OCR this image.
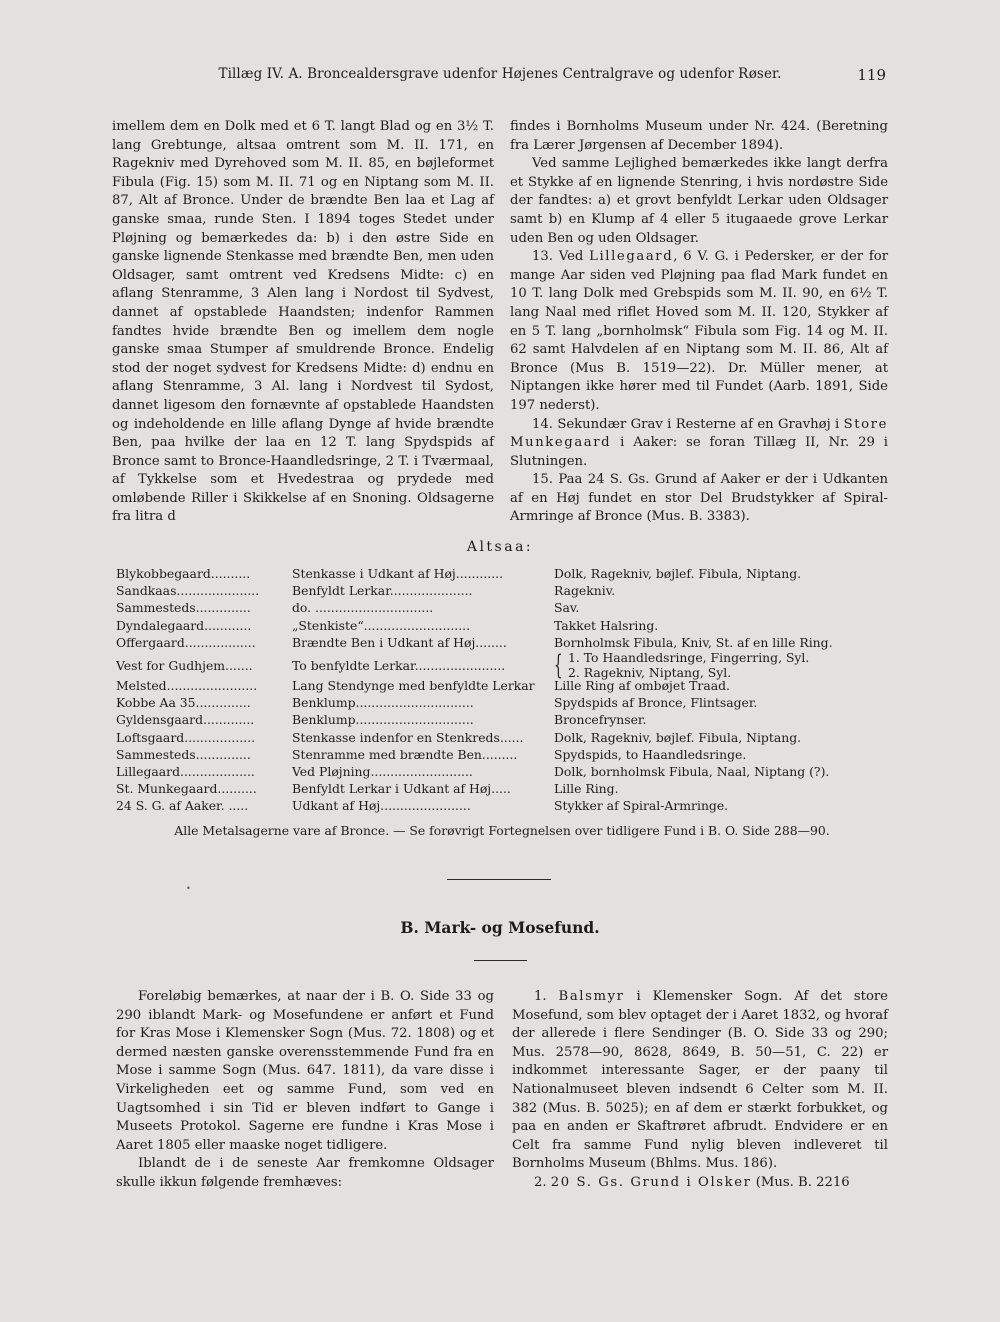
Tillæg IV. A. Broncealdersgrave udenfor Højenes Centralgrave og udenfor Røser.	119

imellem dem en Dolk med et 6 T. langt Blad og en 3½ T. lang Grebtunge, altsaa omtrent som M. II. 171, en Ragekniv med Dyrehoved som M. II. 85, en bøjleformet Fibula (Fig. 15) som M. II. 71 og en Niptang som M. II. 87, Alt af Bronce. Under de brændte Ben laa et Lag af ganske smaa, runde Sten. I 1894 toges Stedet under Pløjning og bemærkedes da: b) i den østre Side en ganske lignende Stenkasse med brændte Ben, men uden Oldsager, samt omtrent ved Kredsens Midte: c) en aflang Stenramme, 3 Alen lang i Nordost til Sydvest, dannet af opstablede Haandsten; indenfor Rammen fandtes hvide brændte Ben og imellem dem nogle ganske smaa Stumper af smuldrende Bronce. Endelig stod der noget sydvest for Kredsens Midte: d) endnu en aflang Stenramme, 3 Al. lang i Nordvest til Sydost, dannet ligesom den fornævnte af opstablede Haandsten og indeholdende en lille aflang Dynge af hvide brændte Ben, paa hvilke der laa en 12 T. lang Spydspids af Bronce samt to Bronce-Haandledsringe, 2 T. i Tværmaal, af Tykkelse som et Hvedestraa og prydede med omløbende Riller i Skikkelse af en Snoning. Oldsagerne fra litra d

findes i Bornholms Museum under Nr. 424. (Beretning fra Lærer Jørgensen af December 1894).

Ved samme Lejlighed bemærkedes ikke langt derfra et Stykke af en lignende Stenring, i hvis nordøstre Side der fandtes: a) et grovt benfyldt Lerkar uden Oldsager samt b) en Klump af 4 eller 5 itugaaede grove Lerkar uden Ben og uden Oldsager.

13. Ved Lillegaard, 6 V. G. i Pedersker, er der for mange Aar siden ved Pløjning paa flad Mark fundet en 10 T. lang Dolk med Grebspids som M. II. 90, en 6½ T. lang Naal med riflet Hoved som M. II. 120, Stykker af en 5 T. lang „bornholmsk“ Fibula som Fig. 14 og M. II. 62 samt Halvdelen af en Niptang som M. II. 86, Alt af Bronce (Mus B. 1519—22). Dr. Müller mener, at Niptangen ikke hører med til Fundet (Aarb. 1891, Side 197 nederst).

14. Sekundær Grav i Resterne af en Gravhøj i Store Munkegaard i Aaker: se foran Tillæg II, Nr. 29 i Slutningen.

15. Paa 24 S. Gs. Grund af Aaker er der i Udkanten af en Høj fundet en stor Del Brudstykker af Spiral-Armringe af Bronce (Mus. B. 3383).

Altsaa:
Blykobbegaard..........	Stenkasse i Udkant af Høj............	Dolk, Ragekniv, bøjlef. Fibula, Niptang.
Sandkaas.....................	Benfyldt Lerkar.....................	Ragekniv.
Sammesteds..............	do. ..............................	Sav.
Dyndalegaard............	„Stenkiste“...........................	Takket Halsring.
Offergaard..................	Brændte Ben i Udkant af Høj........	Bornholmsk Fibula, Kniv, St. af en lille Ring.
Vest for Gudhjem.......	To benfyldte Lerkar.......................	{ 1. To Haandledsringe, Fingerring, Syl.
2. Ragekniv, Niptang, Syl.
Melsted.......................	Lang Stendynge med benfyldte Lerkar	Lille Ring af ombøjet Traad.
Kobbe Aa 35..............	Benklump..............................	Spydspids af Bronce, Flintsager.
Gyldensgaard.............	Benklump..............................	Broncefrynser.
Loftsgaard..................	Stenkasse indenfor en Stenkreds......	Dolk, Ragekniv, bøjlef. Fibula, Niptang.
Sammesteds..............	Stenramme med brændte Ben.........	Spydspids, to Haandledsringe.
Lillegaard...................	Ved Pløjning..........................	Dolk, bornholmsk Fibula, Naal, Niptang (?).
St. Munkegaard..........	Benfyldt Lerkar i Udkant af Høj.....	Lille Ring.
24 S. G. af Aaker. .....	Udkant af Høj.......................	Stykker af Spiral-Armringe.
Alle Metalsagerne vare af Bronce. — Se forøvrigt Fortegnelsen over tidligere Fund i B. O. Side 288—90.
•
B. Mark- og Mosefund.

Foreløbig bemærkes, at naar der i B. O. Side 33 og 290 iblandt Mark- og Mosefundene er anført et Fund for Kras Mose i Klemensker Sogn (Mus. 72. 1808) og et dermed næsten ganske overensstemmende Fund fra en Mose i samme Sogn (Mus. 647. 1811), da vare disse i Virkeligheden eet og samme Fund, som ved en Uagtsomhed i sin Tid er bleven indført to Gange i Museets Protokol. Sagerne ere fundne i Kras Mose i Aaret 1805 eller maaske noget tidligere.

Iblandt de i de seneste Aar fremkomne Oldsager skulle ikkun følgende fremhæves:

1. Balsmyr i Klemensker Sogn. Af det store Mosefund, som blev optaget der i Aaret 1832, og hvoraf der allerede i flere Sendinger (B. O. Side 33 og 290; Mus. 2578—90, 8628, 8649, B. 50—51, C. 22) er indkommet interessante Sager, er der paany til Nationalmuseet bleven indsendt 6 Celter som M. II. 382 (Mus. B. 5025); en af dem er stærkt forbukket, og paa en anden er Skaftrøret afbrudt. Endvidere er en Celt fra samme Fund nylig bleven indleveret til Bornholms Museum (Bhlms. Mus. 186).

2. 20 S. Gs. Grund i Olsker (Mus. B. 2216
